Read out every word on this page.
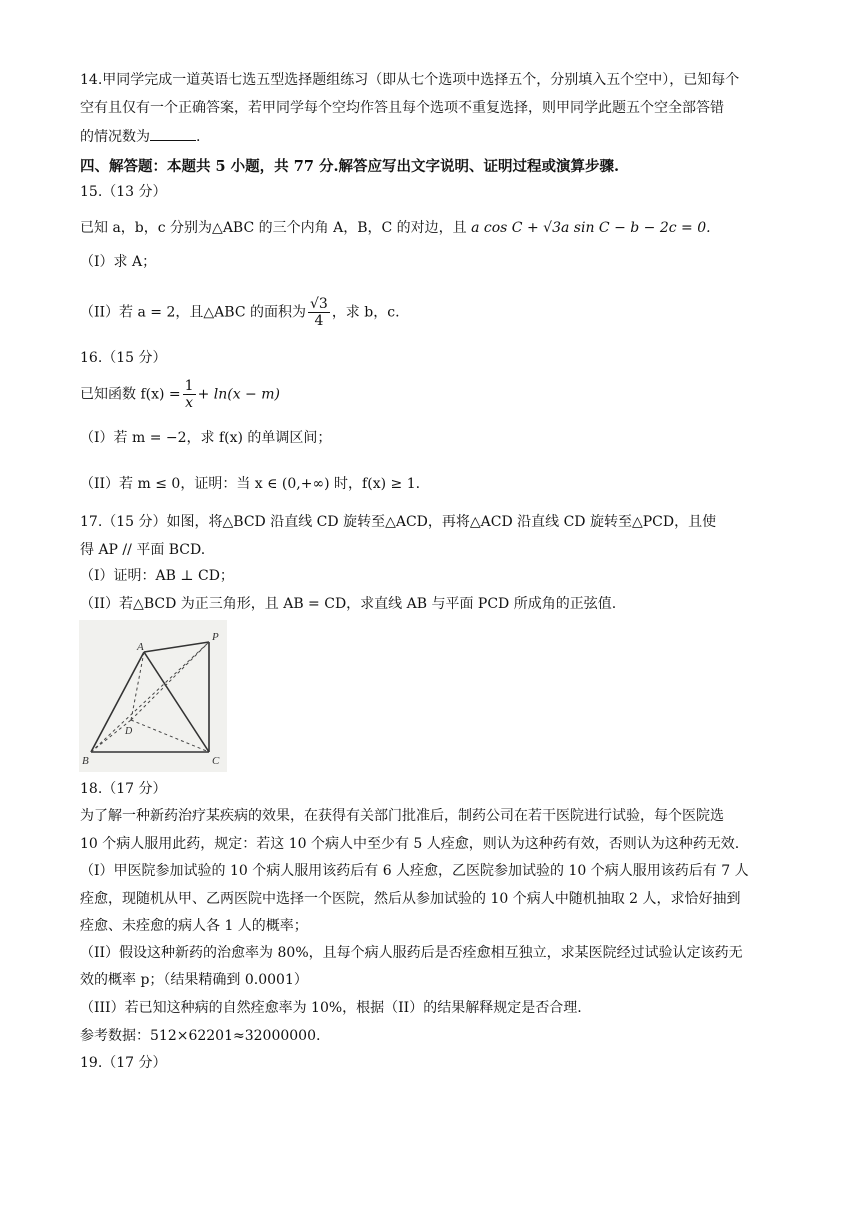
14.甲同学完成一道英语七选五型选择题组练习（即从七个选项中选择五个，分别填入五个空中），已知每个
空有且仅有一个正确答案，若甲同学每个空均作答且每个选项不重复选择，则甲同学此题五个空全部答错
的情况数为	.
四、解答题：本题共 5 小题，共 77 分.解答应写出文字说明、证明过程或演算步骤.
15.（13 分）
已知 a，b，c 分别为△ABC 的三个内角 A，B，C 的对边，且 a cos C + √3a sin C − b − 2c = 0.
（I）求 A；
（II）若 a = 2，且△ABC 的面积为 $\frac{√3}{4}$ ，求 b，c.
16.（15 分）
已知函数 $f(x) = \frac{1}{x} + \ln(x - m)$
（I）若 m = −2，求 f(x) 的单调区间；
（II）若 m ≤ 0，证明：当 x ∈ (0,+∞) 时，f(x) ≥ 1.
17.（15 分）如图，将△BCD 沿直线 CD 旋转至△ACD，再将△ACD 沿直线 CD 旋转至△PCD，且使
得 AP // 平面 BCD.
（I）证明：AB ⊥ CD；
（II）若△BCD 为正三角形，且 AB = CD，求直线 AB 与平面 PCD 所成角的正弦值.
A
P
D
B	C
18.（17 分）
为了解一种新药治疗某疾病的效果，在获得有关部门批准后，制药公司在若干医院进行试验，每个医院选
10 个病人服用此药，规定：若这 10 个病人中至少有 5 人痊愈，则认为这种药有效，否则认为这种药无效.
（I）甲医院参加试验的 10 个病人服用该药后有 6 人痊愈，乙医院参加试验的 10 个病人服用该药后有 7 人
痊愈，现随机从甲、乙两医院中选择一个医院，然后从参加试验的 10 个病人中随机抽取 2 人，求恰好抽到
痊愈、未痊愈的病人各 1 人的概率；
（II）假设这种新药的治愈率为 80%，且每个病人服药后是否痊愈相互独立，求某医院经过试验认定该药无
效的概率 p；（结果精确到 0.0001）
（III）若已知这种病的自然痊愈率为 10%，根据（II）的结果解释规定是否合理.
参考数据：512×62201≈32000000.
19.（17 分）
